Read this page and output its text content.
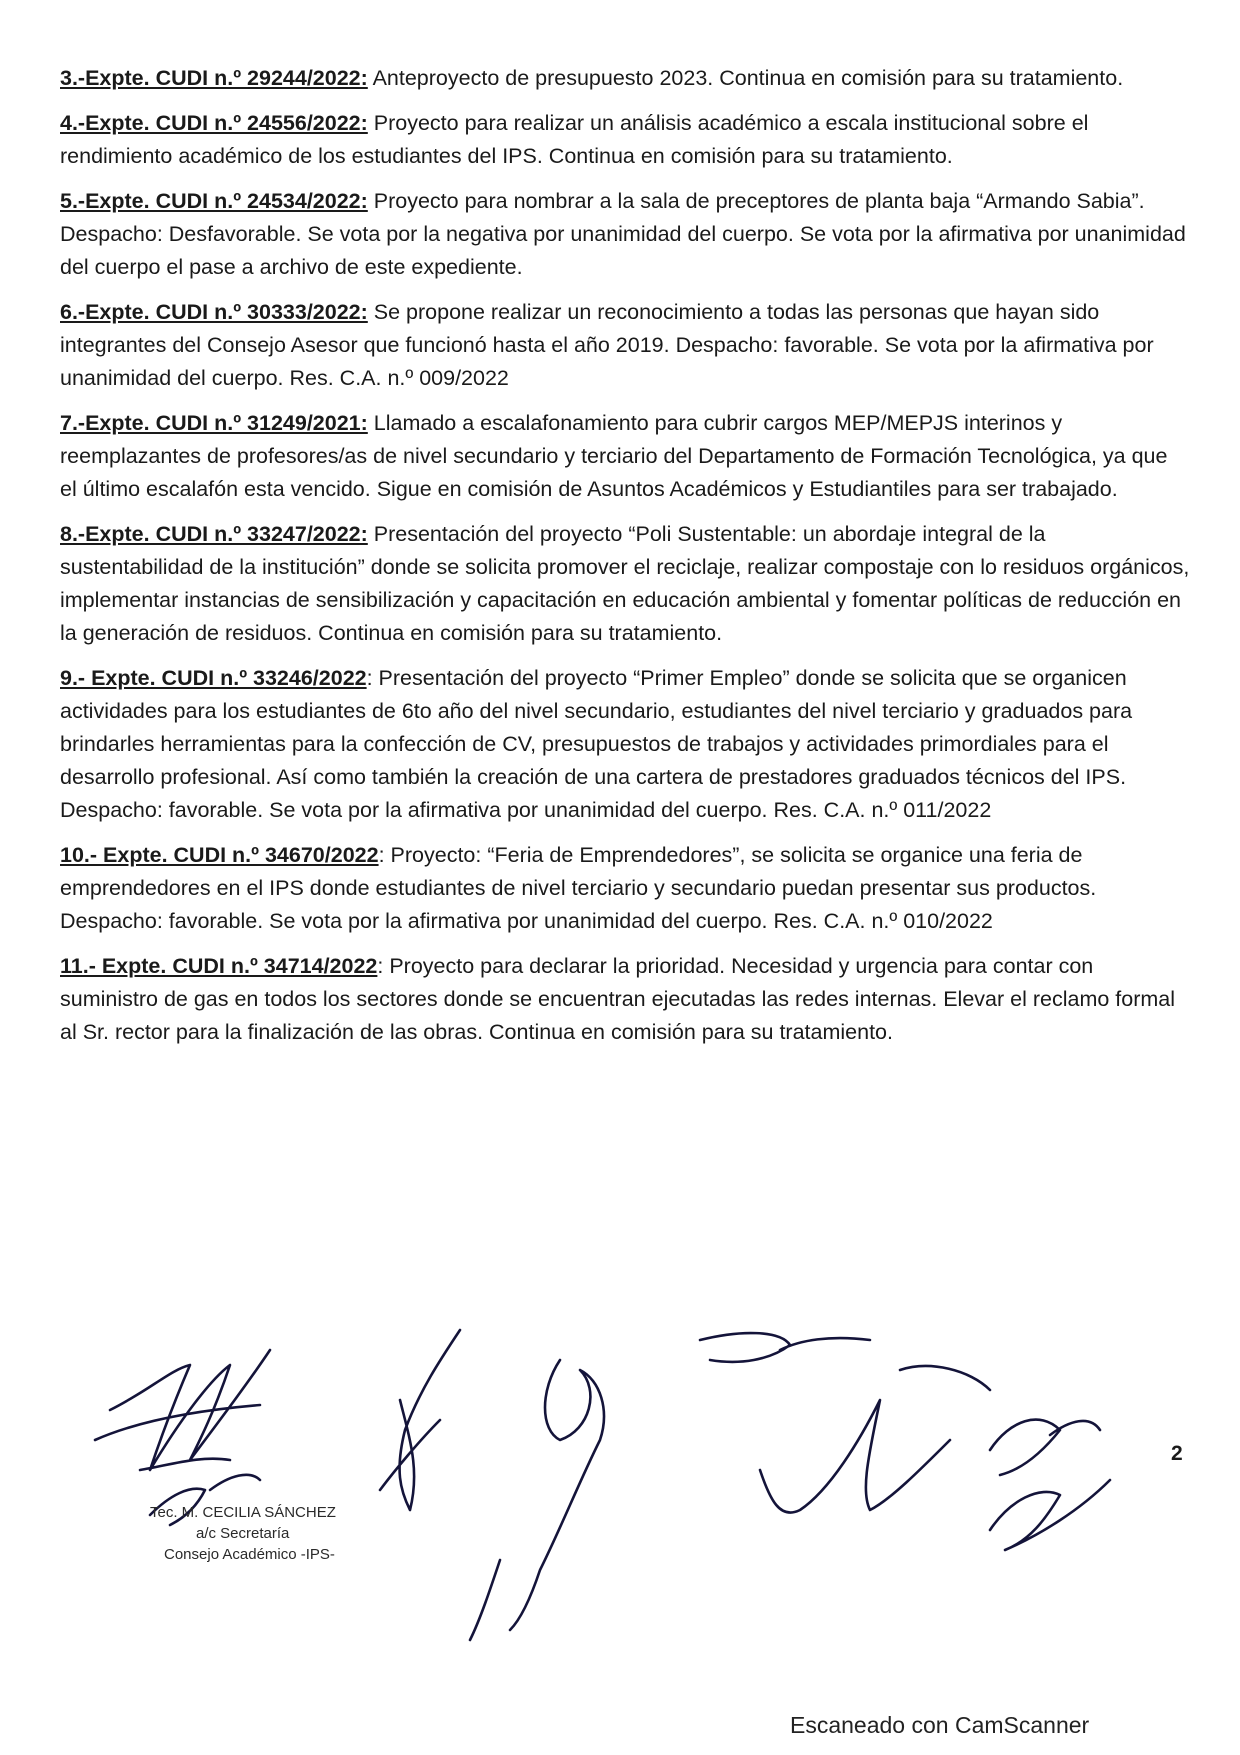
3.-Expte. CUDI n.º 29244/2022: Anteproyecto de presupuesto 2023. Continua en comisión para su tratamiento.

4.-Expte. CUDI n.º 24556/2022: Proyecto para realizar un análisis académico a escala institucional sobre el rendimiento académico de los estudiantes del IPS. Continua en comisión para su tratamiento.

5.-Expte. CUDI n.º 24534/2022: Proyecto para nombrar a la sala de preceptores de planta baja “Armando Sabia”. Despacho: Desfavorable. Se vota por la negativa por unanimidad del cuerpo. Se vota por la afirmativa por unanimidad del cuerpo el pase a archivo de este expediente.

6.-Expte. CUDI n.º 30333/2022: Se propone realizar un reconocimiento a todas las personas que hayan sido integrantes del Consejo Asesor que funcionó hasta el año 2019. Despacho: favorable. Se vota por la afirmativa por unanimidad del cuerpo. Res. C.A. n.º 009/2022

7.-Expte. CUDI n.º 31249/2021: Llamado a escalafonamiento para cubrir cargos MEP/MEPJS interinos y reemplazantes de profesores/as de nivel secundario y terciario del Departamento de Formación Tecnológica, ya que el último escalafón esta vencido. Sigue en comisión de Asuntos Académicos y Estudiantiles para ser trabajado.

8.-Expte. CUDI n.º 33247/2022: Presentación del proyecto “Poli Sustentable: un abordaje integral de la sustentabilidad de la institución” donde se solicita promover el reciclaje, realizar compostaje con lo residuos orgánicos, implementar instancias de sensibilización y capacitación en educación ambiental y fomentar políticas de reducción en la generación de residuos. Continua en comisión para su tratamiento.

9.- Expte. CUDI n.º 33246/2022: Presentación del proyecto “Primer Empleo” donde se solicita que se organicen actividades para los estudiantes de 6to año del nivel secundario, estudiantes del nivel terciario y graduados para brindarles herramientas para la confección de CV, presupuestos de trabajos y actividades primordiales para el desarrollo profesional. Así como también la creación de una cartera de prestadores graduados técnicos del IPS. Despacho: favorable. Se vota por la afirmativa por unanimidad del cuerpo. Res. C.A. n.º 011/2022

10.- Expte. CUDI n.º 34670/2022: Proyecto: “Feria de Emprendedores”, se solicita se organice una feria de emprendedores en el IPS donde estudiantes de nivel terciario y secundario puedan presentar sus productos. Despacho: favorable. Se vota por la afirmativa por unanimidad del cuerpo. Res. C.A. n.º 010/2022

11.- Expte. CUDI n.º 34714/2022: Proyecto para declarar la prioridad. Necesidad y urgencia para contar con suministro de gas en todos los sectores donde se encuentran ejecutadas las redes internas. Elevar el reclamo formal al Sr. rector para la finalización de las obras. Continua en comisión para su tratamiento.

2
Tec. M. CECILIA SÁNCHEZ
a/c Secretaría
Consejo Académico -IPS-
Escaneado con CamScanner
